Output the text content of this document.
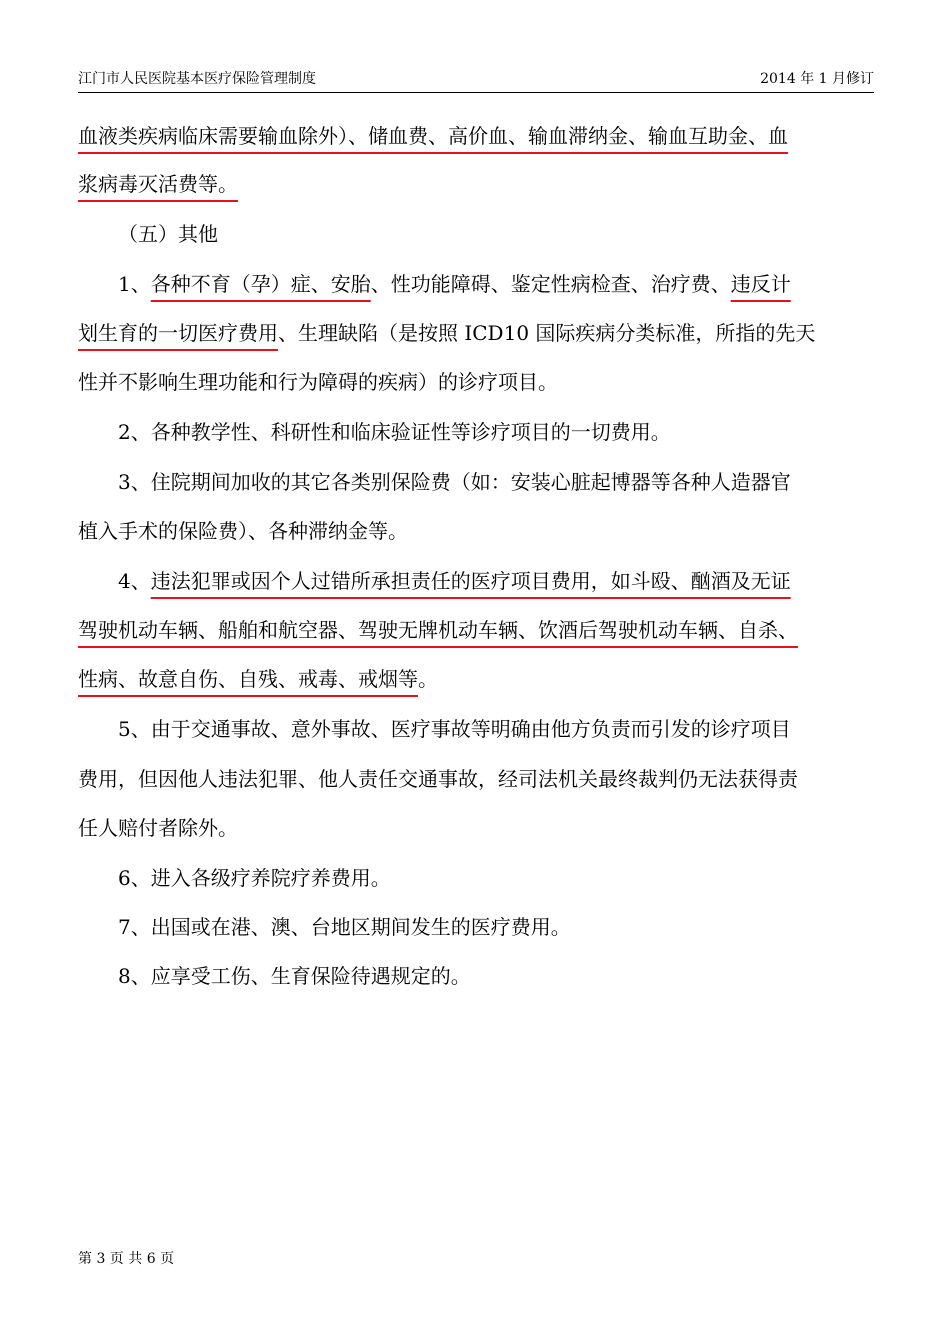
江门市人民医院基本医疗保险管理制度	2014 年 1 月修订
血液类疾病临床需要输血除外）、储血费、高价血、输血滞纳金、输血互助金、血
浆病毒灭活费等。
（五）其他
1、各种不育（孕）症、安胎、性功能障碍、鉴定性病检查、治疗费、违反计
划生育的一切医疗费用、生理缺陷（是按照 ICD10 国际疾病分类标准，所指的先天
性并不影响生理功能和行为障碍的疾病）的诊疗项目。
2、各种教学性、科研性和临床验证性等诊疗项目的一切费用。
3、住院期间加收的其它各类别保险费（如：安装心脏起博器等各种人造器官
植入手术的保险费）、各种滞纳金等。
4、违法犯罪或因个人过错所承担责任的医疗项目费用，如斗殴、酗酒及无证
驾驶机动车辆、船舶和航空器、驾驶无牌机动车辆、饮酒后驾驶机动车辆、自杀、
性病、故意自伤、自残、戒毒、戒烟等。
5、由于交通事故、意外事故、医疗事故等明确由他方负责而引发的诊疗项目
费用，但因他人违法犯罪、他人责任交通事故，经司法机关最终裁判仍无法获得责
任人赔付者除外。
6、进入各级疗养院疗养费用。
7、出国或在港、澳、台地区期间发生的医疗费用。
8、应享受工伤、生育保险待遇规定的。
第 3 页 共 6 页
